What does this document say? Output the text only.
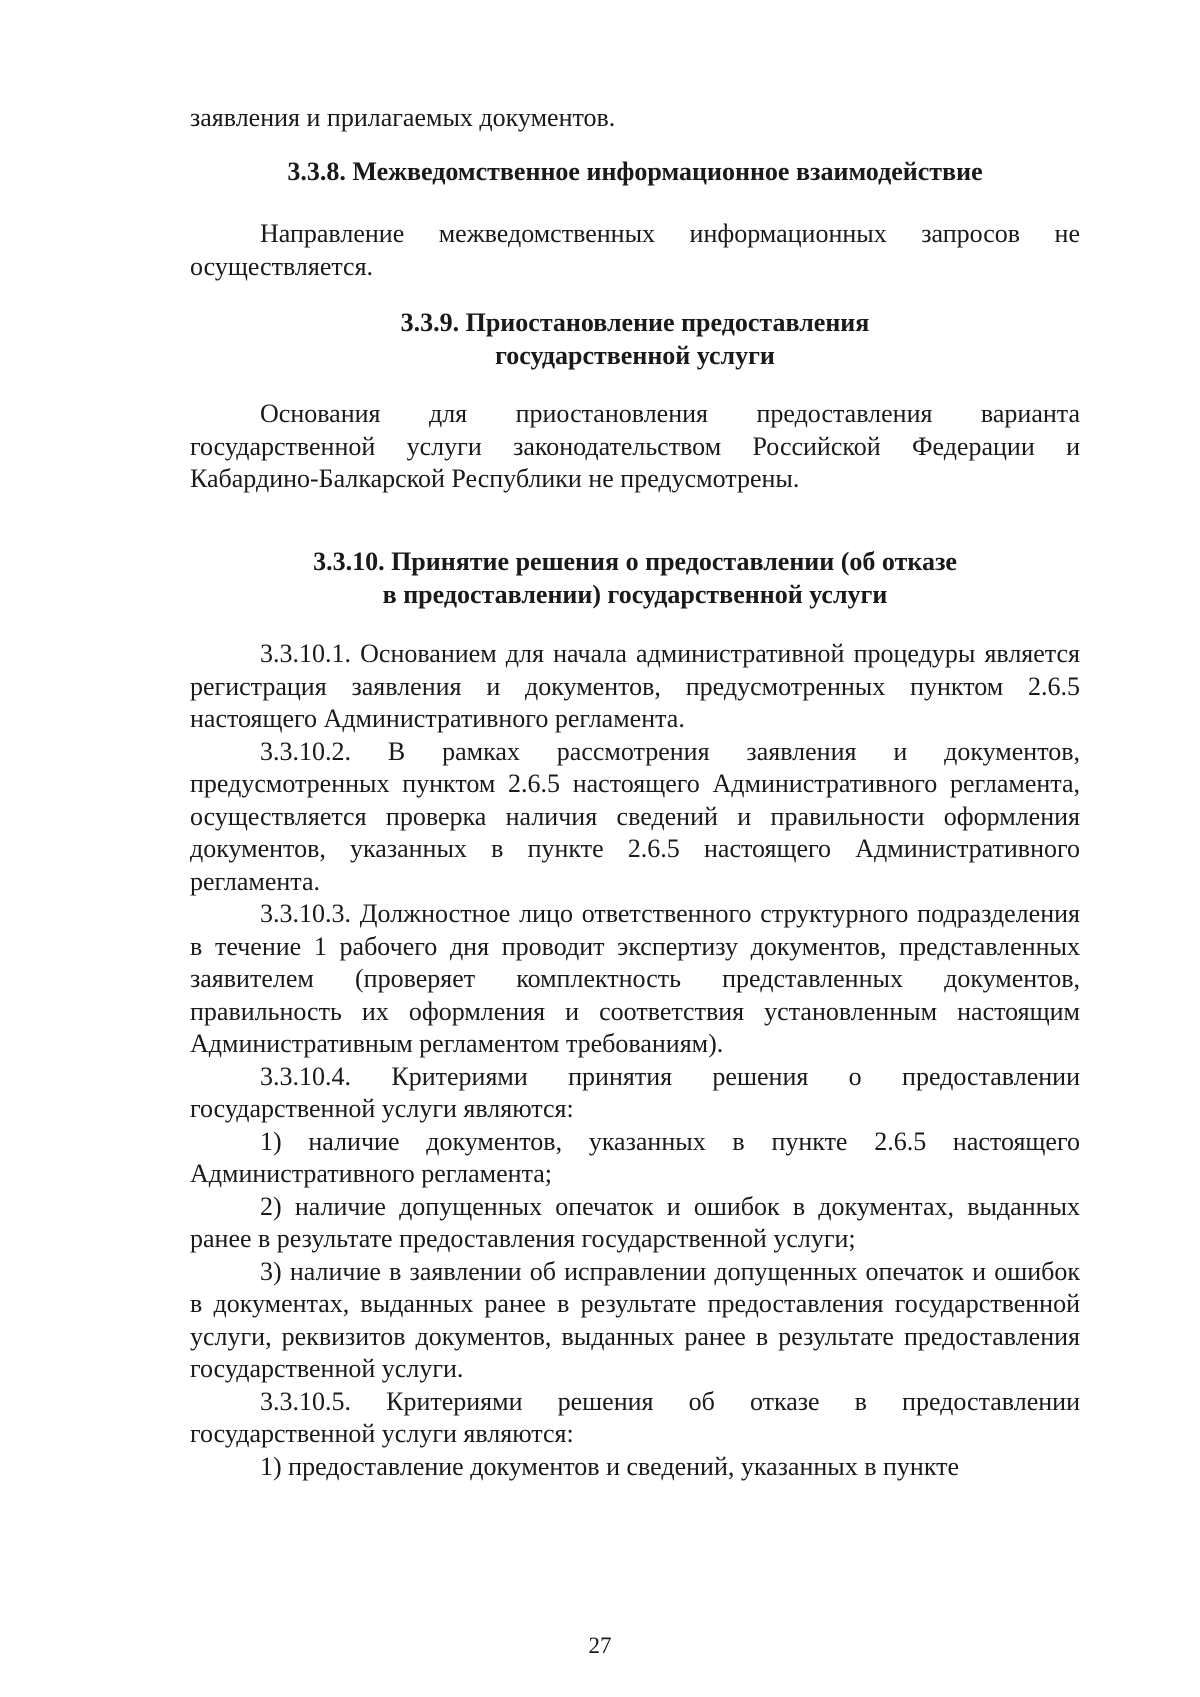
заявления и прилагаемых документов.

3.3.8. Межведомственное информационное взаимодействие

Направление межведомственных информационных запросов не осуществляется.

3.3.9. Приостановление предоставления государственной услуги

Основания для приостановления предоставления варианта государственной услуги законодательством Российской Федерации и Кабардино-Балкарской Республики не предусмотрены.

3.3.10. Принятие решения о предоставлении (об отказе
в предоставлении) государственной услуги

3.3.10.1. Основанием для начала административной процедуры является регистрация заявления и документов, предусмотренных пунктом 2.6.5 настоящего Административного регламента.

3.3.10.2. В рамках рассмотрения заявления и документов, предусмотренных пунктом 2.6.5 настоящего Административного регламента, осуществляется проверка наличия сведений и правильности оформления документов, указанных в пункте 2.6.5 настоящего Административного регламента.

3.3.10.3. Должностное лицо ответственного структурного подразделения в течение 1 рабочего дня проводит экспертизу документов, представленных заявителем (проверяет комплектность представленных документов, правильность их оформления и соответствия установленным настоящим Административным регламентом требованиям).

3.3.10.4. Критериями принятия решения о предоставлении государственной услуги являются:

1) наличие документов, указанных в пункте 2.6.5 настоящего Административного регламента;

2) наличие допущенных опечаток и ошибок в документах, выданных ранее в результате предоставления государственной услуги;

3) наличие в заявлении об исправлении допущенных опечаток и ошибок в документах, выданных ранее в результате предоставления государственной услуги, реквизитов документов, выданных ранее в результате предоставления государственной услуги.

3.3.10.5. Критериями решения об отказе в предоставлении государственной услуги являются:

1) предоставление документов и сведений, указанных в пункте

27
